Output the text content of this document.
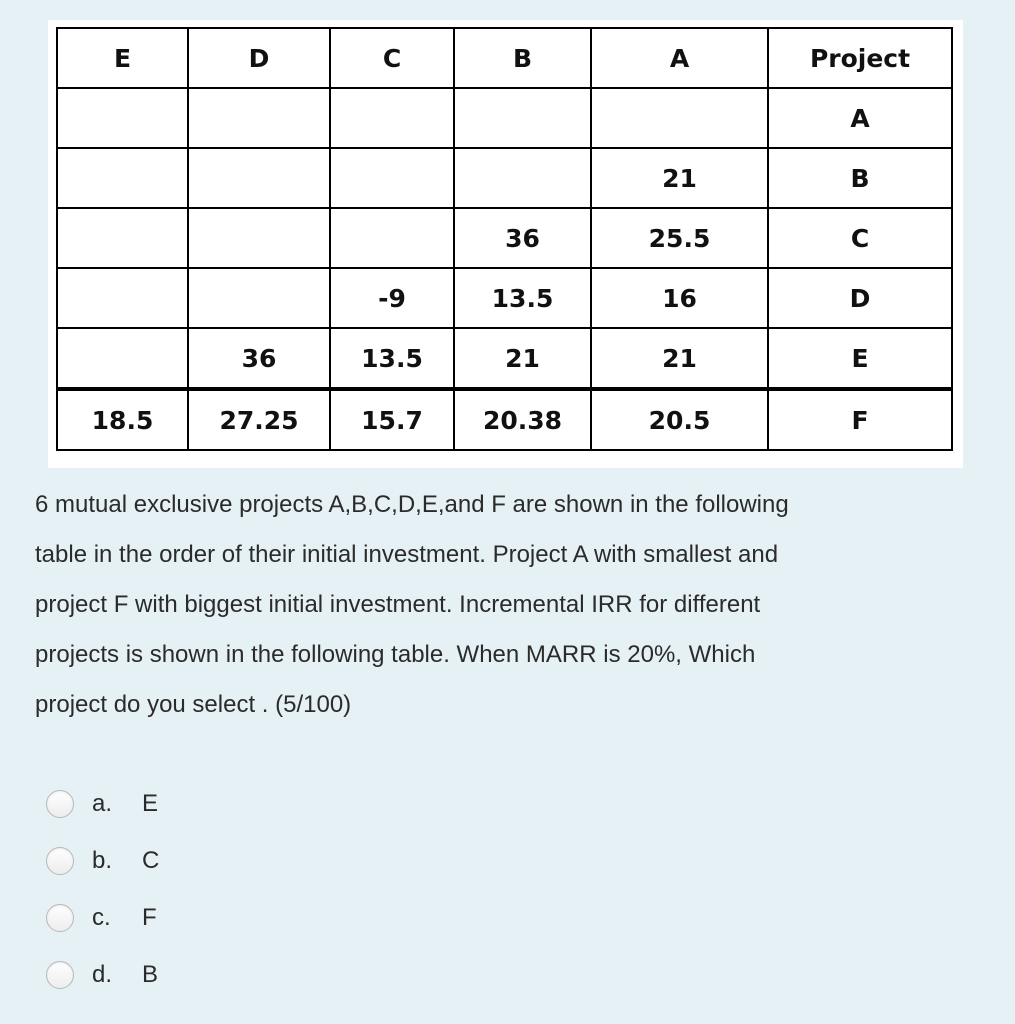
E	D	C	B	A	Project
					A
				21	B
			36	25.5	C
		-9	13.5	16	D
	36	13.5	21	21	E
18.5	27.25	15.7	20.38	20.5	F
6 mutual exclusive projects A,B,C,D,E,and F are shown in the following
table in the order of their initial investment. Project A with smallest and
project F with biggest initial investment. Incremental IRR for different
projects is shown in the following table. When MARR is 20%, Which
project do you select . (5/100)
a.	E
b.	C
c.	F
d.	B
